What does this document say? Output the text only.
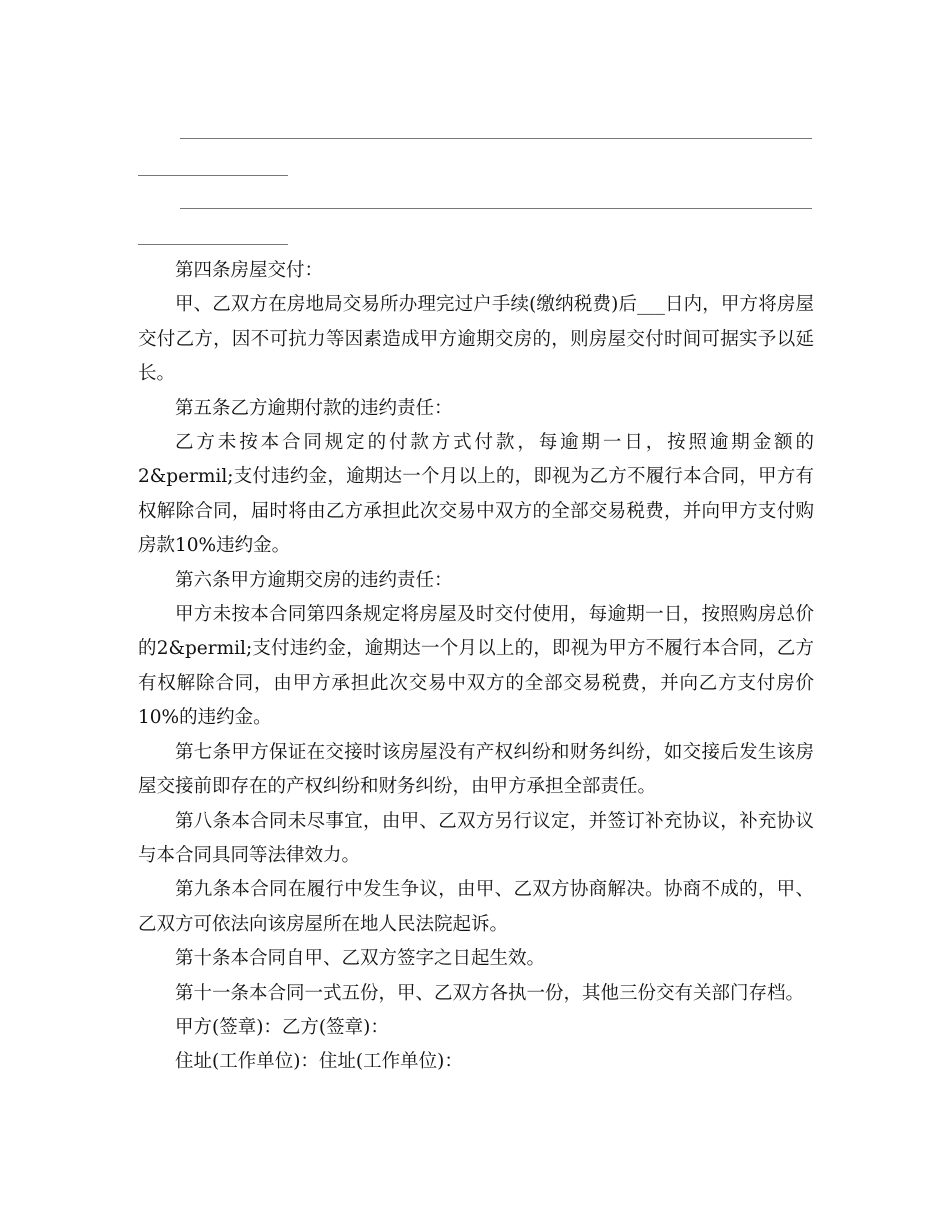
第四条房屋交付：

甲、乙双方在房地局交易所办理完过户手续(缴纳税费)后___日内，甲方将房屋交付乙方，因不可抗力等因素造成甲方逾期交房的，则房屋交付时间可据实予以延长。

第五条乙方逾期付款的违约责任：

乙方未按本合同规定的付款方式付款，每逾期一日，按照逾期金额的2&permil;支付违约金，逾期达一个月以上的，即视为乙方不履行本合同，甲方有权解除合同，届时将由乙方承担此次交易中双方的全部交易税费，并向甲方支付购房款10%违约金。

第六条甲方逾期交房的违约责任：

甲方未按本合同第四条规定将房屋及时交付使用，每逾期一日，按照购房总价的2&permil;支付违约金，逾期达一个月以上的，即视为甲方不履行本合同，乙方有权解除合同，由甲方承担此次交易中双方的全部交易税费，并向乙方支付房价10%的违约金。

第七条甲方保证在交接时该房屋没有产权纠纷和财务纠纷，如交接后发生该房屋交接前即存在的产权纠纷和财务纠纷，由甲方承担全部责任。

第八条本合同未尽事宜，由甲、乙双方另行议定，并签订补充协议，补充协议与本合同具同等法律效力。

第九条本合同在履行中发生争议，由甲、乙双方协商解决。协商不成的，甲、乙双方可依法向该房屋所在地人民法院起诉。

第十条本合同自甲、乙双方签字之日起生效。

第十一条本合同一式五份，甲、乙双方各执一份，其他三份交有关部门存档。

甲方(签章)：乙方(签章)：

住址(工作单位)：住址(工作单位)：
